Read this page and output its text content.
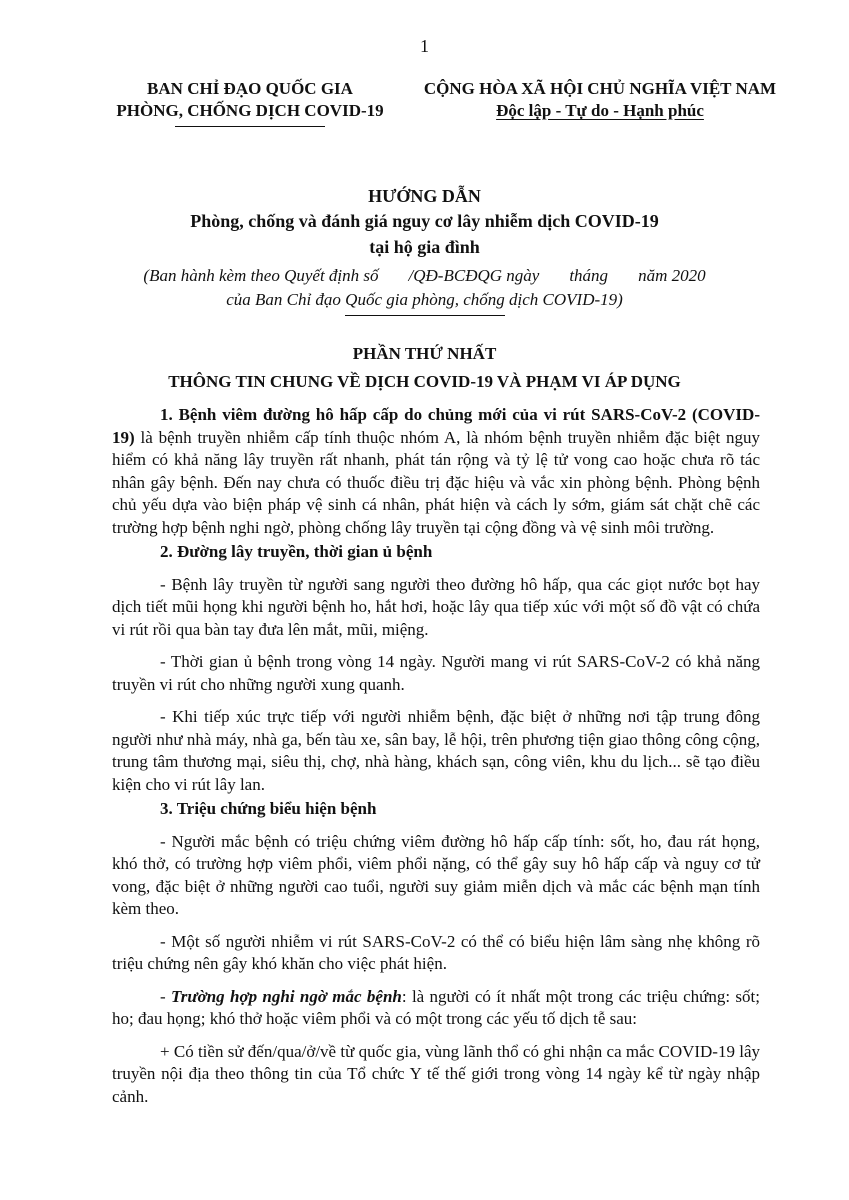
1
BAN CHỈ ĐẠO QUỐC GIA
PHÒNG, CHỐNG DỊCH COVID-19
CỘNG HÒA XÃ HỘI CHỦ NGHĨA VIỆT NAM
Độc lập - Tự do - Hạnh phúc
HƯỚNG DẪN
Phòng, chống và đánh giá nguy cơ lây nhiễm dịch COVID-19
tại hộ gia đình
(Ban hành kèm theo Quyết định số /QĐ-BCĐQG ngày tháng năm 2020
của Ban Chỉ đạo Quốc gia phòng, chống dịch COVID-19)
PHẦN THỨ NHẤT
THÔNG TIN CHUNG VỀ DỊCH COVID-19 VÀ PHẠM VI ÁP DỤNG

1. Bệnh viêm đường hô hấp cấp do chủng mới của vi rút SARS-CoV-2 (COVID-19) là bệnh truyền nhiễm cấp tính thuộc nhóm A, là nhóm bệnh truyền nhiễm đặc biệt nguy hiểm có khả năng lây truyền rất nhanh, phát tán rộng và tỷ lệ tử vong cao hoặc chưa rõ tác nhân gây bệnh. Đến nay chưa có thuốc điều trị đặc hiệu và vắc xin phòng bệnh. Phòng bệnh chủ yếu dựa vào biện pháp vệ sinh cá nhân, phát hiện và cách ly sớm, giám sát chặt chẽ các trường hợp bệnh nghi ngờ, phòng chống lây truyền tại cộng đồng và vệ sinh môi trường.

2. Đường lây truyền, thời gian ủ bệnh

- Bệnh lây truyền từ người sang người theo đường hô hấp, qua các giọt nước bọt hay dịch tiết mũi họng khi người bệnh ho, hắt hơi, hoặc lây qua tiếp xúc với một số đồ vật có chứa vi rút rồi qua bàn tay đưa lên mắt, mũi, miệng.

- Thời gian ủ bệnh trong vòng 14 ngày. Người mang vi rút SARS-CoV-2 có khả năng truyền vi rút cho những người xung quanh.

- Khi tiếp xúc trực tiếp với người nhiễm bệnh, đặc biệt ở những nơi tập trung đông người như nhà máy, nhà ga, bến tàu xe, sân bay, lễ hội, trên phương tiện giao thông công cộng, trung tâm thương mại, siêu thị, chợ, nhà hàng, khách sạn, công viên, khu du lịch... sẽ tạo điều kiện cho vi rút lây lan.

3. Triệu chứng biểu hiện bệnh

- Người mắc bệnh có triệu chứng viêm đường hô hấp cấp tính: sốt, ho, đau rát họng, khó thở, có trường hợp viêm phổi, viêm phổi nặng, có thể gây suy hô hấp cấp và nguy cơ tử vong, đặc biệt ở những người cao tuổi, người suy giảm miễn dịch và mắc các bệnh mạn tính kèm theo.

- Một số người nhiễm vi rút SARS-CoV-2 có thể có biểu hiện lâm sàng nhẹ không rõ triệu chứng nên gây khó khăn cho việc phát hiện.

- Trường hợp nghi ngờ mắc bệnh: là người có ít nhất một trong các triệu chứng: sốt; ho; đau họng; khó thở hoặc viêm phổi và có một trong các yếu tố dịch tễ sau:

+ Có tiền sử đến/qua/ở/về từ quốc gia, vùng lãnh thổ có ghi nhận ca mắc COVID-19 lây truyền nội địa theo thông tin của Tổ chức Y tế thế giới trong vòng 14 ngày kể từ ngày nhập cảnh.
